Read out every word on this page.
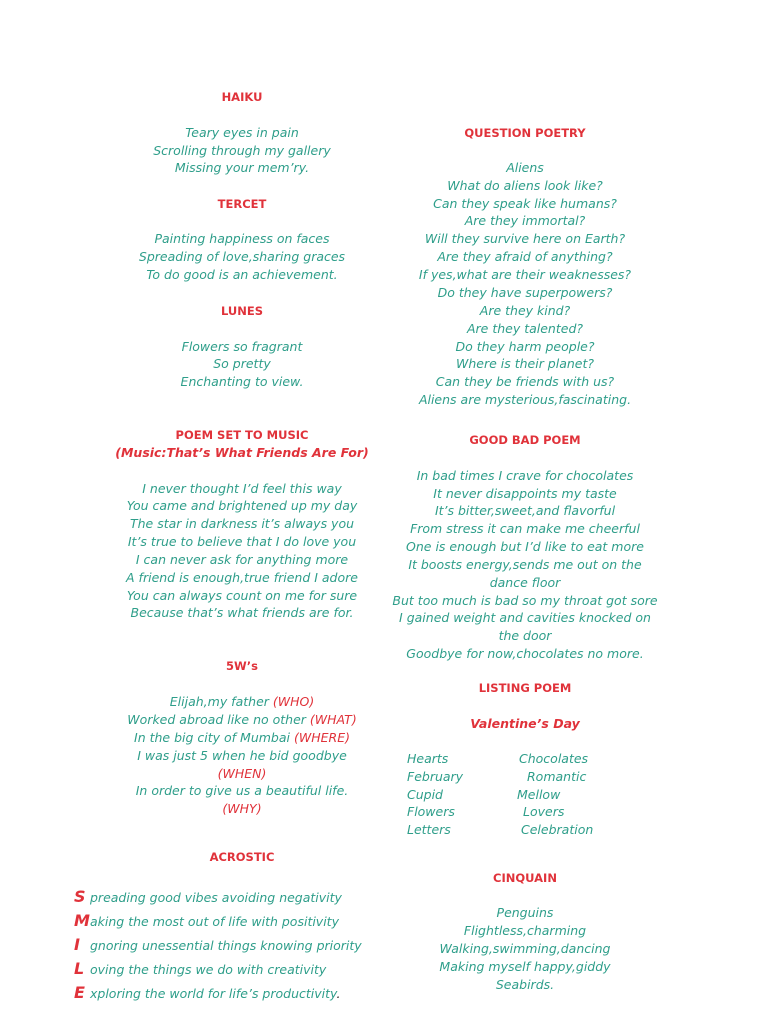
HAIKU
Teary eyes in pain
Scrolling through my gallery
Missing your mem’ry.
TERCET
Painting happiness on faces
Spreading of love,sharing graces
To do good is an achievement.
LUNES
Flowers so fragrant
So pretty
Enchanting to view.
POEM SET TO MUSIC
(Music:That’s What Friends Are For)
I never thought I’d feel this way
You came and brightened up my day
The star in darkness it’s always you
It’s true to believe that I do love you
I can never ask for anything more
A friend is enough,true friend I adore
You can always count on me for sure
Because that’s what friends are for.
5W’s
Elijah,my father (WHO)
Worked abroad like no other (WHAT)
In the big city of Mumbai (WHERE)
I was just 5 when he bid goodbye
(WHEN)
In order to give us a beautiful life.
(WHY)
ACROSTIC
S preading good vibes avoiding negativity
Making the most out of life with positivity
I gnoring unessential things knowing priority
L oving the things we do with creativity
E xploring the world for life’s productivity.
QUESTION POETRY
Aliens
What do aliens look like?
Can they speak like humans?
Are they immortal?
Will they survive here on Earth?
Are they afraid of anything?
If yes,what are their weaknesses?
Do they have superpowers?
Are they kind?
Are they talented?
Do they harm people?
Where is their planet?
Can they be friends with us?
Aliens are mysterious,fascinating.
GOOD BAD POEM
In bad times I crave for chocolates
It never disappoints my taste
It’s bitter,sweet,and flavorful
From stress it can make me cheerful
One is enough but I’d like to eat more
It boosts energy,sends me out on the
dance floor
But too much is bad so my throat got sore
I gained weight and cavities knocked on
the door
Goodbye for now,chocolates no more.
LISTING POEM
Valentine’s Day
Hearts	Chocolates
February	Romantic
Cupid	Mellow
Flowers	Lovers
Letters	Celebration
CINQUAIN
Penguins
Flightless,charming
Walking,swimming,dancing
Making myself happy,giddy
Seabirds.
